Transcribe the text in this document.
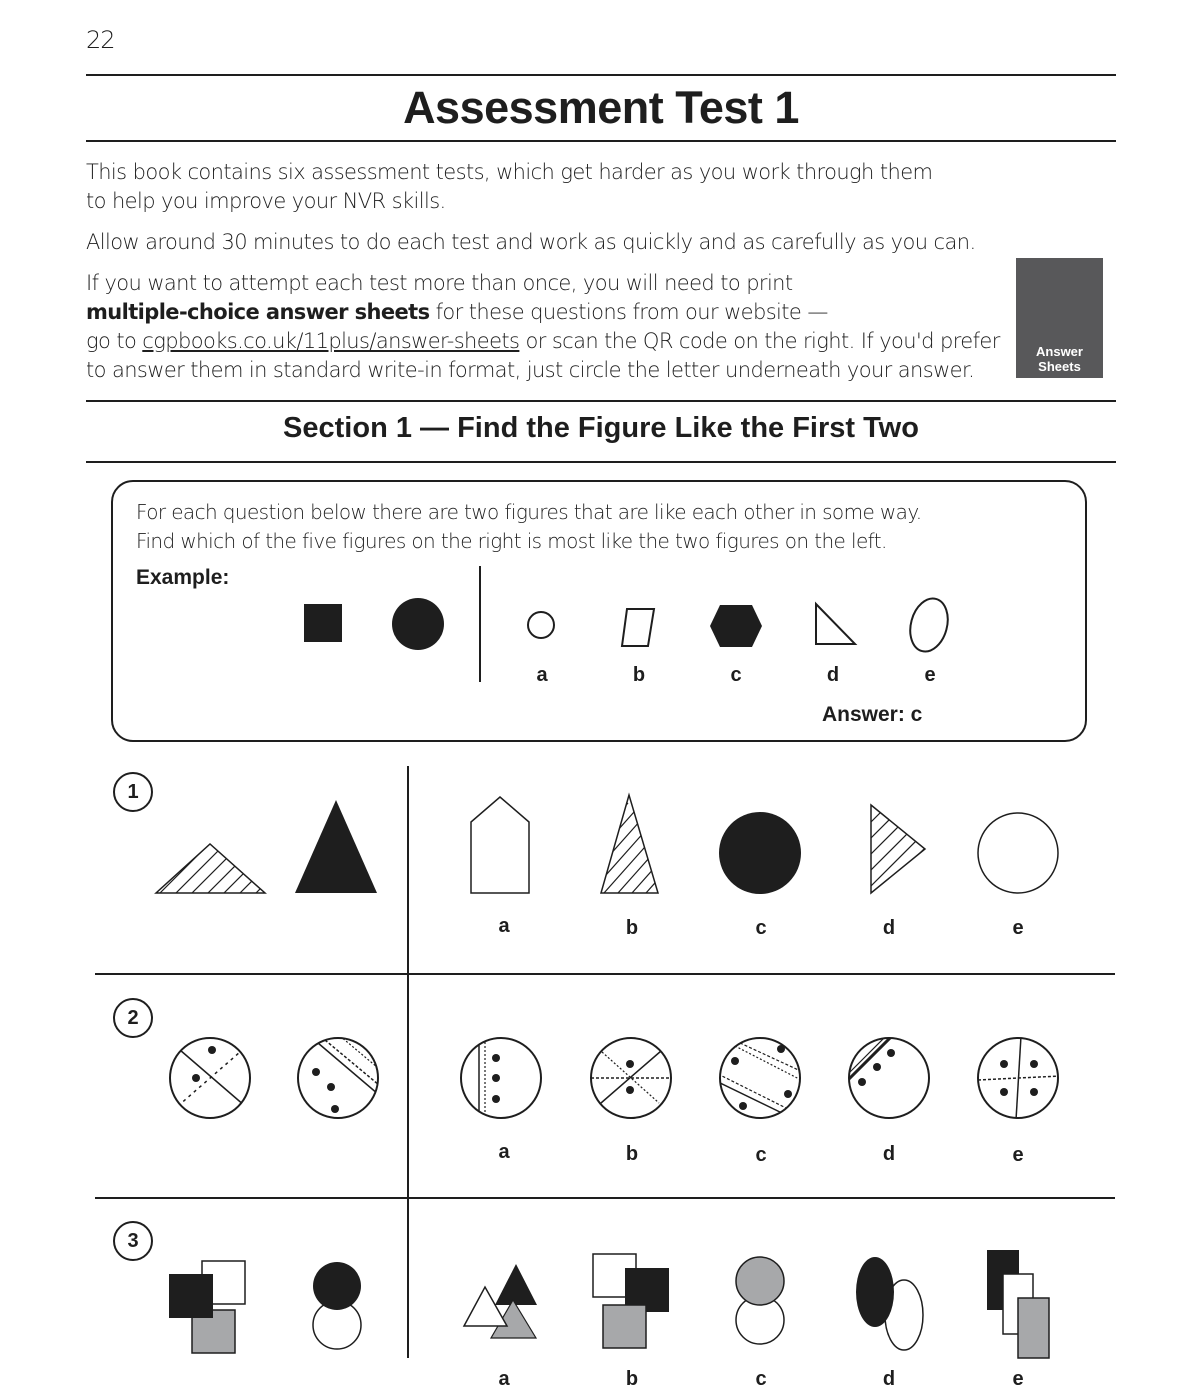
22
Assessment Test 1
This book contains six assessment tests, which get harder as you work through them to help you improve your NVR skills.
Allow around 30 minutes to do each test and work as quickly and as carefully as you can.
If you want to attempt each test more than once, you will need to print
multiple-choice answer sheets for these questions from our website —
go to cgpbooks.co.uk/11plus/answer-sheets or scan the QR code on the right. If you'd prefer to answer them in standard write-in format, just circle the letter underneath your answer.
Answer
Sheets
Section 1 — Find the Figure Like the First Two
For each question below there are two figures that are like each other in some way.
Find which of the five figures on the right is most like the two figures on the left.
Example:
a	b	c	d	e
Answer: c
1
2
3
a	b	c	d	e
a	b	c	d	e
a	b	c	d	e
